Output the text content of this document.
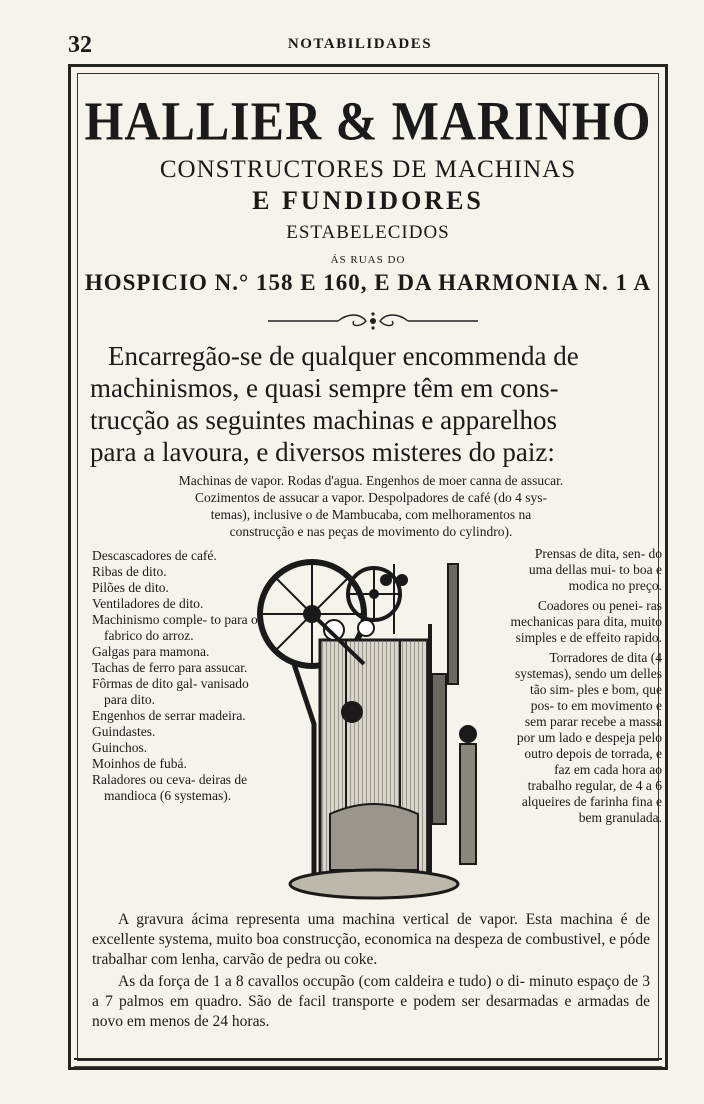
32	NOTABILIDADES
HALLIER & MARINHO
CONSTRUCTORES DE MACHINAS
E FUNDIDORES
ESTABELECIDOS
ÁS RUAS DO
HOSPICIO N.° 158 E 160, E DA HARMONIA N. 1 A
Encarregão-se de qualquer encommenda de
machinismos, e quasi sempre têm em cons-
trucção as seguintes machinas e apparelhos
para a lavoura, e diversos misteres do paiz:
Machinas de vapor. Rodas d'agua. Engenhos de moer canna de assucar.
Cozimentos de assucar a vapor. Despolpadores de café (do 4 sys-
temas), inclusive o de Mambucaba, com melhoramentos na
construcção e nas peças de movimento do cylindro).
Descascadores de café.
Ribas de dito.
Pilões de dito.
Ventiladores de dito.
Machinismo comple- to para o fabrico do arroz.
Galgas para mamona.
Tachas de ferro para assucar.
Fôrmas de dito gal- vanisado para dito.
Engenhos de serrar madeira.
Guindastes.
Guinchos.
Moinhos de fubá.
Raladores ou ceva- deiras de mandioca (6 systemas).
Prensas de dita, sen- do uma dellas mui- to boa e modica no preço.
Coadores ou penei- ras mechanicas para dita, muito simples e de effeito rapido.
Torradores de dita (4 systemas), sendo um delles tão sim- ples e bom, que pos- to em movimento e sem parar recebe a massa por um lado e despeja pelo outro depois de torrada, e faz em cada hora ao trabalho regular, de 4 a 6 alqueires de farinha fina e bem granulada.

A gravura ácima representa uma machina vertical de vapor. Esta machina é de excellente systema, muito boa construcção, economica na despeza de combustivel, e póde trabalhar com lenha, carvão de pedra ou coke.

As da força de 1 a 8 cavallos occupão (com caldeira e tudo) o di- minuto espaço de 3 a 7 palmos em quadro. São de facil transporte e podem ser desarmadas e armadas de novo em menos de 24 horas.
